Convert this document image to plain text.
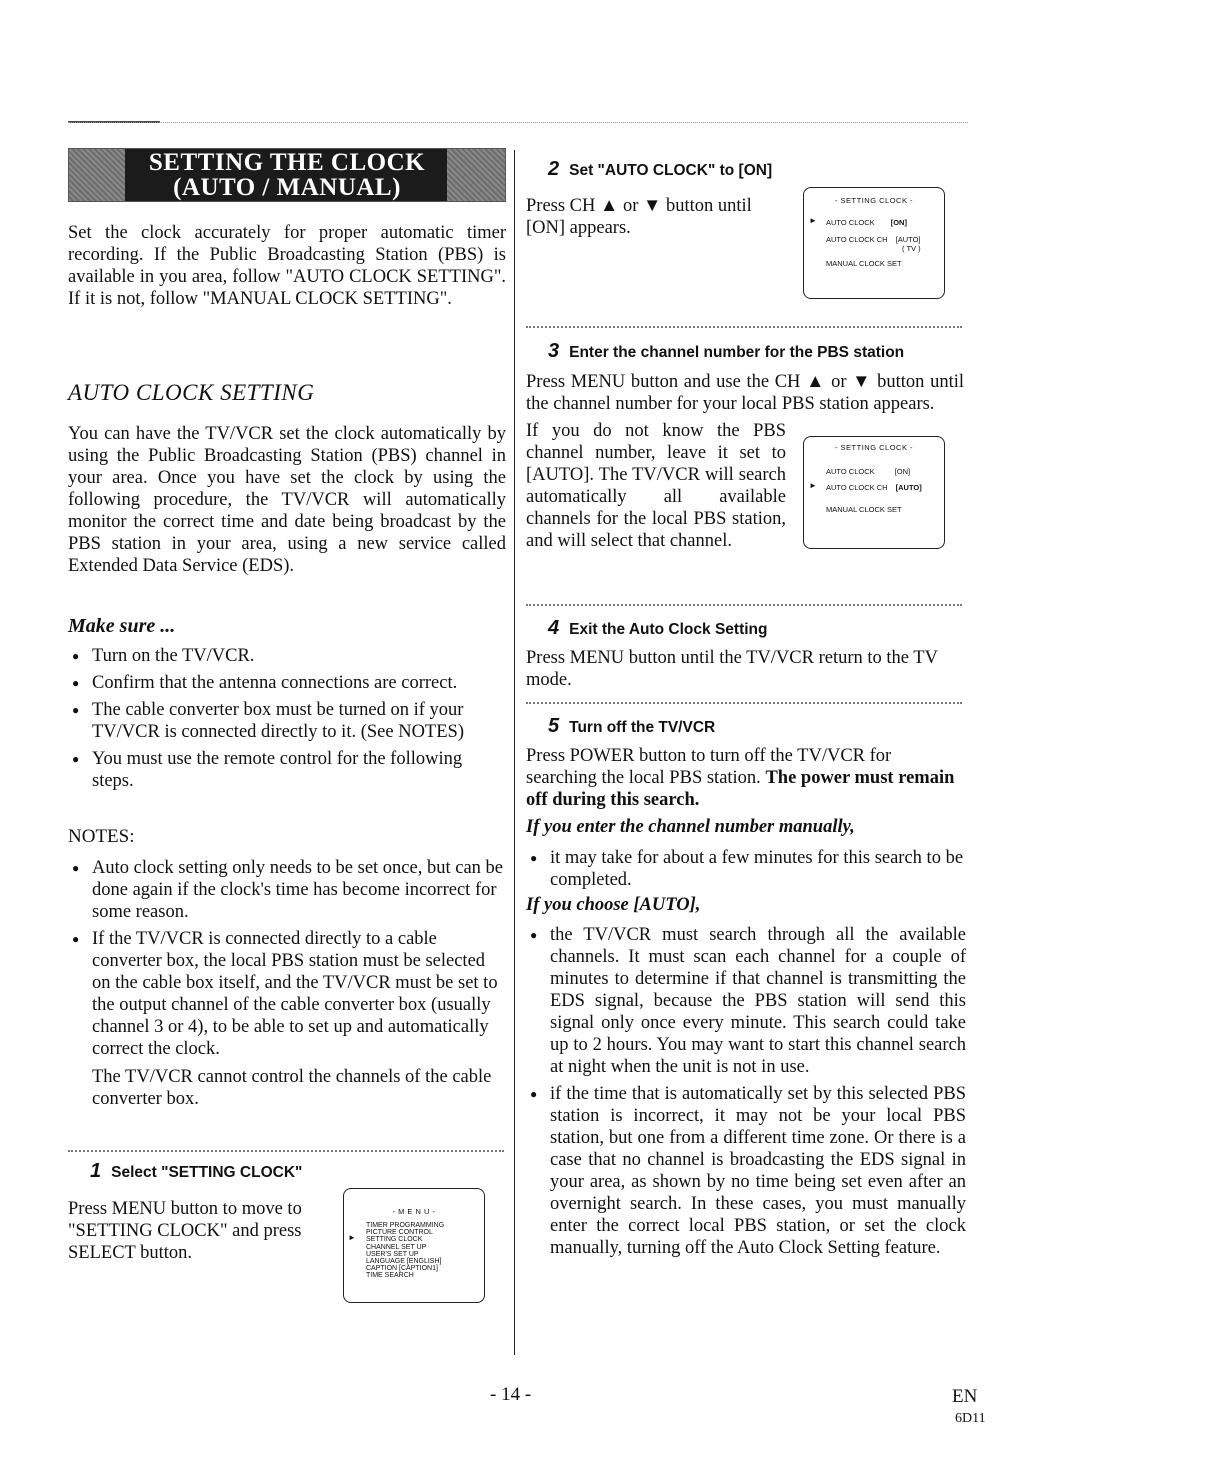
SETTING THE CLOCK
(AUTO / MANUAL)
Set the clock accurately for proper automatic timer recording. If the Public Broadcasting Station (PBS) is available in you area, follow "AUTO CLOCK SETTING". If it is not, follow "MANUAL CLOCK SETTING".
AUTO CLOCK SETTING
You can have the TV/VCR set the clock automatically by using the Public Broadcasting Station (PBS) channel in your area. Once you have set the clock by using the following procedure, the TV/VCR will automatically monitor the correct time and date being broadcast by the PBS station in your area, using a new service called Extended Data Service (EDS).
Make sure ...
● Turn on the TV/VCR.
● Confirm that the antenna connections are correct.
● The cable converter box must be turned on if your TV/VCR is connected directly to it. (See NOTES)
● You must use the remote control for the following steps.
NOTES:
● Auto clock setting only needs to be set once, but can be done again if the clock's time has become incorrect for some reason.
● If the TV/VCR is connected directly to a cable converter box, the local PBS station must be selected on the cable box itself, and the TV/VCR must be set to the output channel of the cable converter box (usually channel 3 or 4), to be able to set up and automatically correct the clock.
The TV/VCR cannot control the channels of the cable converter box.
1 Select "SETTING CLOCK"
Press MENU button to move to "SETTING CLOCK" and press SELECT button.
- M E N U -
►
TIMER PROGRAMMING
PICTURE CONTROL
SETTING CLOCK
CHANNEL SET UP
USER'S SET UP
LANGUAGE [ENGLISH]
CAPTION [CAPTION1]
TIME SEARCH
2 Set "AUTO CLOCK" to [ON]
Press CH ▲ or ▼ button until [ON] appears.
- SETTING CLOCK -
► AUTO CLOCK [ON]
AUTO CLOCK CH [AUTO]
( TV )
MANUAL CLOCK SET
3 Enter the channel number for the PBS station
Press MENU button and use the CH ▲ or ▼ button until the channel number for your local PBS station appears.
If you do not know the PBS channel number, leave it set to [AUTO]. The TV/VCR will search automatically all available channels for the local PBS station, and will select that channel.
- SETTING CLOCK -
AUTO CLOCK	[ON]
► AUTO CLOCK CH [AUTO]
MANUAL CLOCK SET
4 Exit the Auto Clock Setting
Press MENU button until the TV/VCR return to the TV mode.
5 Turn off the TV/VCR
Press POWER button to turn off the TV/VCR for searching the local PBS station. The power must remain off during this search.
If you enter the channel number manually,
● it may take for about a few minutes for this search to be completed.
If you choose [AUTO],
● the TV/VCR must search through all the available channels. It must scan each channel for a couple of minutes to determine if that channel is transmitting the EDS signal, because the PBS station will send this signal only once every minute. This search could take up to 2 hours. You may want to start this channel search at night when the unit is not in use.
● if the time that is automatically set by this selected PBS station is incorrect, it may not be your local PBS station, but one from a different time zone. Or there is a case that no channel is broadcasting the EDS signal in your area, as shown by no time being set even after an overnight search. In these cases, you must manually enter the correct local PBS station, or set the clock manually, turning off the Auto Clock Setting feature.
- 14 -	EN
6D11
